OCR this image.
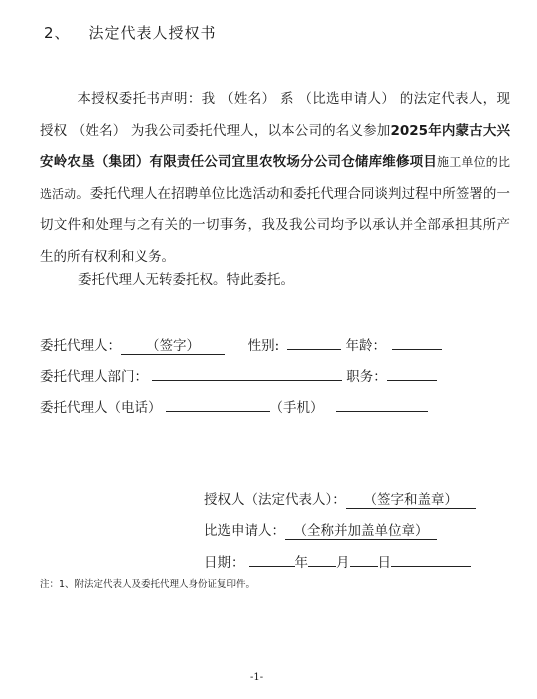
2、 法定代表人授权书
本授权委托书声明：我 （姓名） 系 （比选申请人） 的法定代表人，现授权 （姓名） 为我公司委托代理人，以本公司的名义参加2025年内蒙古大兴安岭农垦（集团）有限责任公司宜里农牧场分公司仓储库维修项目施工单位的比选活动。委托代理人在招聘单位比选活动和委托代理合同谈判过程中所签署的一切文件和处理与之有关的一切事务，我及我公司均予以承认并全部承担其所产生的所有权利和义务。
委托代理人无转委托权。特此委托。
委托代理人： （签字）	性别:	年龄：
委托代理人部门：	职务：
委托代理人（电话）	（手机）
授权人（法定代表人）： （签字和盖章）
比选申请人： （全称并加盖单位章）
日期：	年 月 日
注：1、附法定代表人及委托代理人身份证复印件。
-1-
